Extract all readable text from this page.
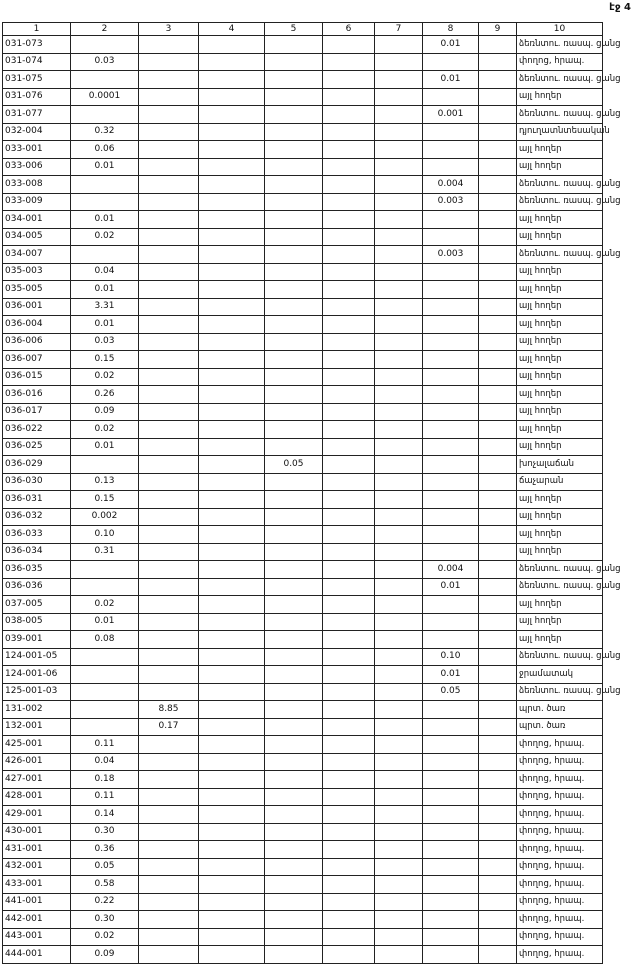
էջ 4
1	2	3	4	5	6	7	8	9	10
031-073							0.01		ձեռնտու. ռասպ. ցանց
031-074	0.03								փողոց, հրապ.
031-075							0.01		ձեռնտու. ռասպ. ցանց
031-076	0.0001								այլ հողեր
031-077							0.001		ձեռնտու. ռասպ. ցանց
032-004	0.32								դյուղատնտեսական
033-001	0.06								այլ հողեր
033-006	0.01								այլ հողեր
033-008							0.004		ձեռնտու. ռասպ. ցանց
033-009							0.003		ձեռնտու. ռասպ. ցանց
034-001	0.01								այլ հողեր
034-005	0.02								այլ հողեր
034-007							0.003		ձեռնտու. ռասպ. ցանց
035-003	0.04								այլ հողեր
035-005	0.01								այլ հողեր
036-001	3.31								այլ հողեր
036-004	0.01								այլ հողեր
036-006	0.03								այլ հողեր
036-007	0.15								այլ հողեր
036-015	0.02								այլ հողեր
036-016	0.26								այլ հողեր
036-017	0.09								այլ հողեր
036-022	0.02								այլ հողեր
036-025	0.01								այլ հողեր
036-029				0.05					խոչալաճան
036-030	0.13								ճաչարան
036-031	0.15								այլ հողեր
036-032	0.002								այլ հողեր
036-033	0.10								այլ հողեր
036-034	0.31								այլ հողեր
036-035							0.004		ձեռնտու. ռասպ. ցանց
036-036							0.01		ձեռնտու. ռասպ. ցանց
037-005	0.02								այլ հողեր
038-005	0.01								այլ հողեր
039-001	0.08								այլ հողեր
124-001-05							0.10		ձեռնտու. ռասպ. ցանց
124-001-06							0.01		ջրամատակ
125-001-03							0.05		ձեռնտու. ռասպ. ցանց
131-002		8.85							պրտ. ծառ
132-001		0.17							պրտ. ծառ
425-001	0.11								փողոց, հրապ.
426-001	0.04								փողոց, հրապ.
427-001	0.18								փողոց, հրապ.
428-001	0.11								փողոց, հրապ.
429-001	0.14								փողոց, հրապ.
430-001	0.30								փողոց, հրապ.
431-001	0.36								փողոց, հրապ.
432-001	0.05								փողոց, հրապ.
433-001	0.58								փողոց, հրապ.
441-001	0.22								փողոց, հրապ.
442-001	0.30								փողոց, հրապ.
443-001	0.02								փողոց, հրապ.
444-001	0.09								փողոց, հրապ.
